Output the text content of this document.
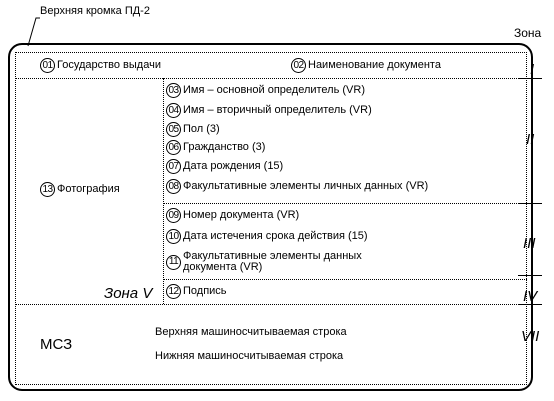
Верхняя кромка ПД-2
Зона
I
II
III
IV
VII
Зона V
01 Государство выдачи	02 Наименование документа
03 Имя – основной определитель (VR)
04 Имя – вторичный определитель (VR)
05 Пол (3)
06 Гражданство (3)
07 Дата рождения (15)
08 Факультативные элементы личных данных (VR)
13 Фотография
09 Номер документа (VR)
10 Дата истечения срока действия (15)
11 Факультативные элементы данных документа (VR)
12 Подпись
МСЗ
Верхняя машиносчитываемая строка
Нижняя машиносчитываемая строка
